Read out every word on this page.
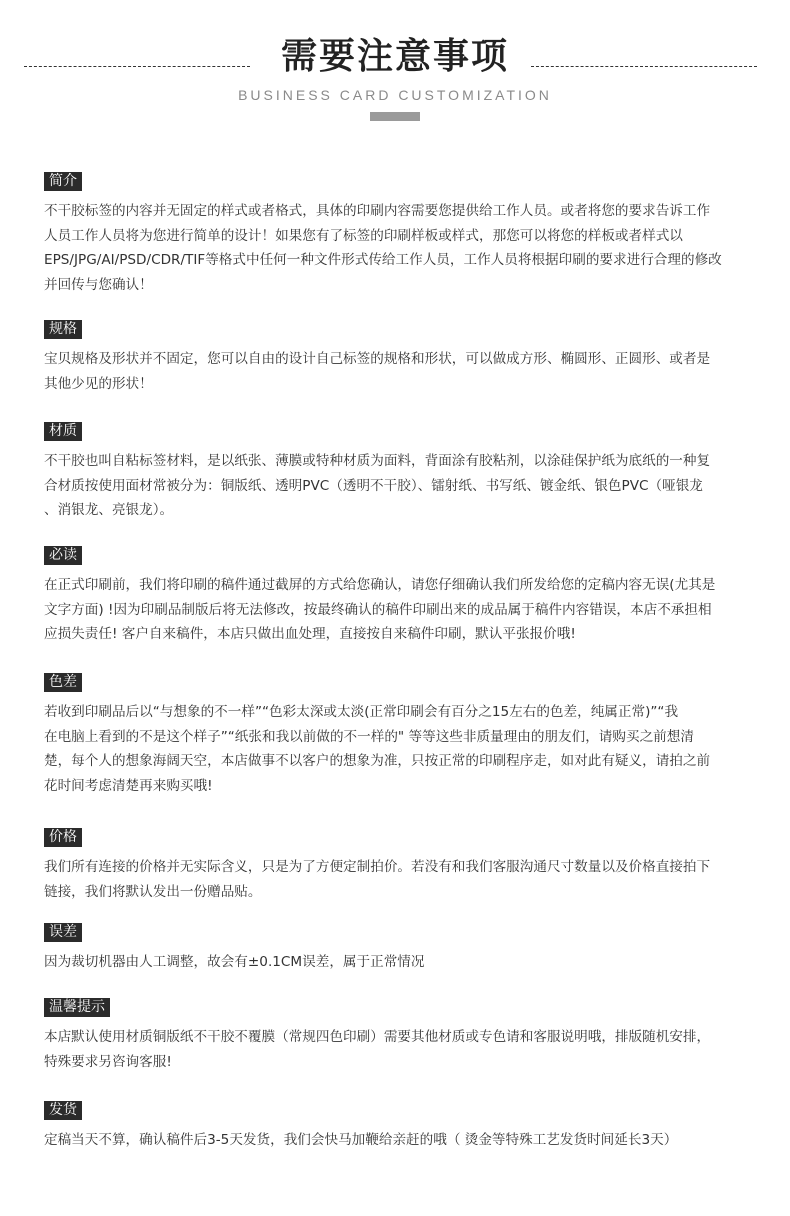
需要注意事项
BUSINESS CARD CUSTOMIZATION
简介
不干胶标签的内容并无固定的样式或者格式，具体的印刷内容需要您提供给工作人员。或者将您的要求告诉工作
人员工作人员将为您进行简单的设计！如果您有了标签的印刷样板或样式，那您可以将您的样板或者样式以
EPS/JPG/AI/PSD/CDR/TIF等格式中任何一种文件形式传给工作人员，工作人员将根据印刷的要求进行合理的修改
并回传与您确认！
规格
宝贝规格及形状并不固定，您可以自由的设计自己标签的规格和形状，可以做成方形、椭圆形、正圆形、或者是
其他少见的形状！
材质
不干胶也叫自粘标签材料，是以纸张、薄膜或特种材质为面料，背面涂有胶粘剂，以涂硅保护纸为底纸的一种复
合材质按使用面材常被分为：铜版纸、透明PVC（透明不干胶）、镭射纸、书写纸、镀金纸、银色PVC（哑银龙
、消银龙、亮银龙）。
必读
在正式印刷前，我们将印刷的稿件通过截屏的方式给您确认，请您仔细确认我们所发给您的定稿内容无误(尤其是
文字方面) !因为印刷品制版后将无法修改，按最终确认的稿件印刷出来的成品属于稿件内容错误，本店不承担相
应损失责任! 客户自来稿件，本店只做出血处理，直接按自来稿件印刷，默认平张报价哦!
色差
若收到印刷品后以“与想象的不一样”“色彩太深或太淡(正常印刷会有百分之15左右的色差，纯属正常)”“我
在电脑上看到的不是这个样子”“纸张和我以前做的不一样的" 等等这些非质量理由的朋友们，请购买之前想清
楚，每个人的想象海阔天空，本店做事不以客户的想象为准，只按正常的印刷程序走，如对此有疑义，请拍之前
花时间考虑清楚再来购买哦!
价格
我们所有连接的价格并无实际含义，只是为了方便定制拍价。若没有和我们客服沟通尺寸数量以及价格直接拍下
链接，我们将默认发出一份赠品贴。
误差
因为裁切机器由人工调整，故会有±0.1CM误差，属于正常情况
温馨提示
本店默认使用材质铜版纸不干胶不覆膜（常规四色印刷）需要其他材质或专色请和客服说明哦，排版随机安排，
特殊要求另咨询客服!
发货
定稿当天不算，确认稿件后3-5天发货，我们会快马加鞭给亲赶的哦（ 烫金等特殊工艺发货时间延长3天）
